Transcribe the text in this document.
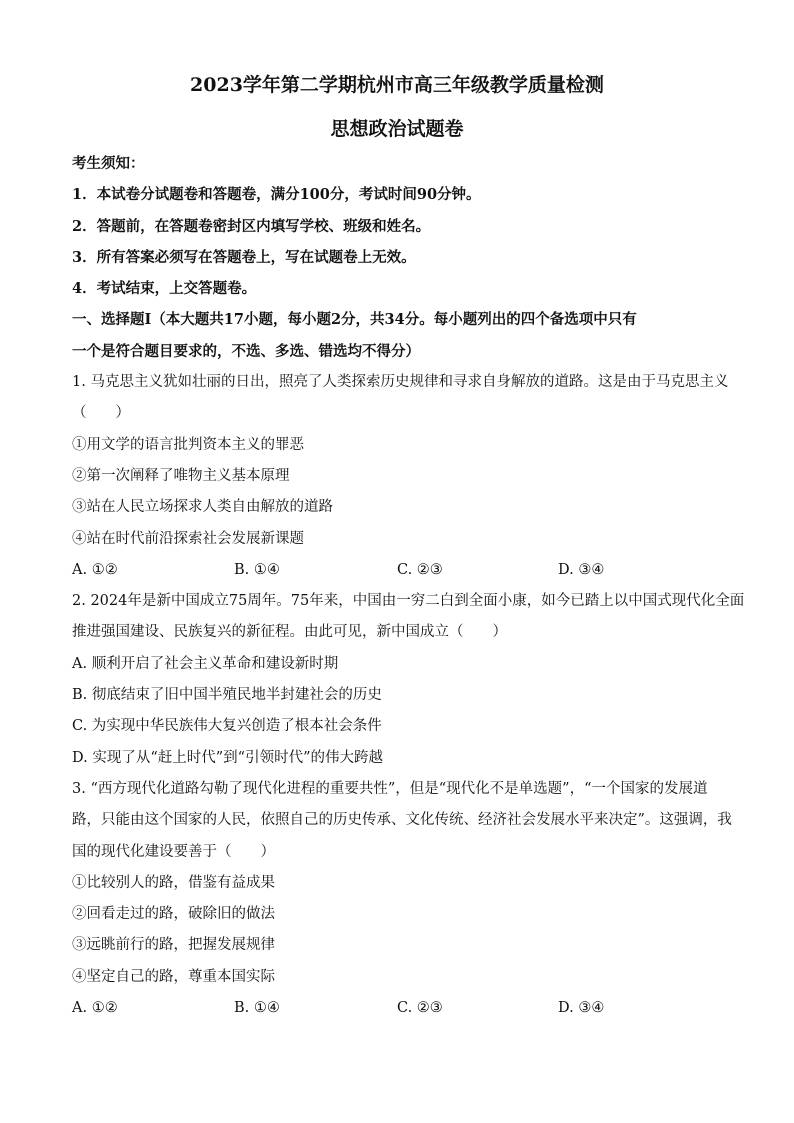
2023学年第二学期杭州市高三年级教学质量检测
思想政治试题卷
考生须知：
1．本试卷分试题卷和答题卷，满分100分，考试时间90分钟。
2．答题前，在答题卷密封区内填写学校、班级和姓名。
3．所有答案必须写在答题卷上，写在试题卷上无效。
4．考试结束，上交答题卷。
一、选择题Ⅰ（本大题共17小题，每小题2分，共34分。每小题列出的四个备选项中只有
一个是符合题目要求的，不选、多选、错选均不得分）
1. 马克思主义犹如壮丽的日出，照亮了人类探索历史规律和寻求自身解放的道路。这是由于马克思主义
（　　）
①用文学的语言批判资本主义的罪恶
②第一次阐释了唯物主义基本原理
③站在人民立场探求人类自由解放的道路
④站在时代前沿探索社会发展新课题
A. ①②	B. ①④	C. ②③	D. ③④
2. 2024年是新中国成立75周年。75年来，中国由一穷二白到全面小康，如今已踏上以中国式现代化全面
推进强国建设、民族复兴的新征程。由此可见，新中国成立（　　）
A. 顺利开启了社会主义革命和建设新时期
B. 彻底结束了旧中国半殖民地半封建社会的历史
C. 为实现中华民族伟大复兴创造了根本社会条件
D. 实现了从“赶上时代”到“引领时代”的伟大跨越
3. “西方现代化道路勾勒了现代化进程的重要共性”，但是“现代化不是单选题”，“一个国家的发展道
路，只能由这个国家的人民，依照自己的历史传承、文化传统、经济社会发展水平来决定”。这强调，我
国的现代化建设要善于（　　）
①比较别人的路，借鉴有益成果
②回看走过的路，破除旧的做法
③远眺前行的路，把握发展规律
④坚定自己的路，尊重本国实际
A. ①②	B. ①④	C. ②③	D. ③④
